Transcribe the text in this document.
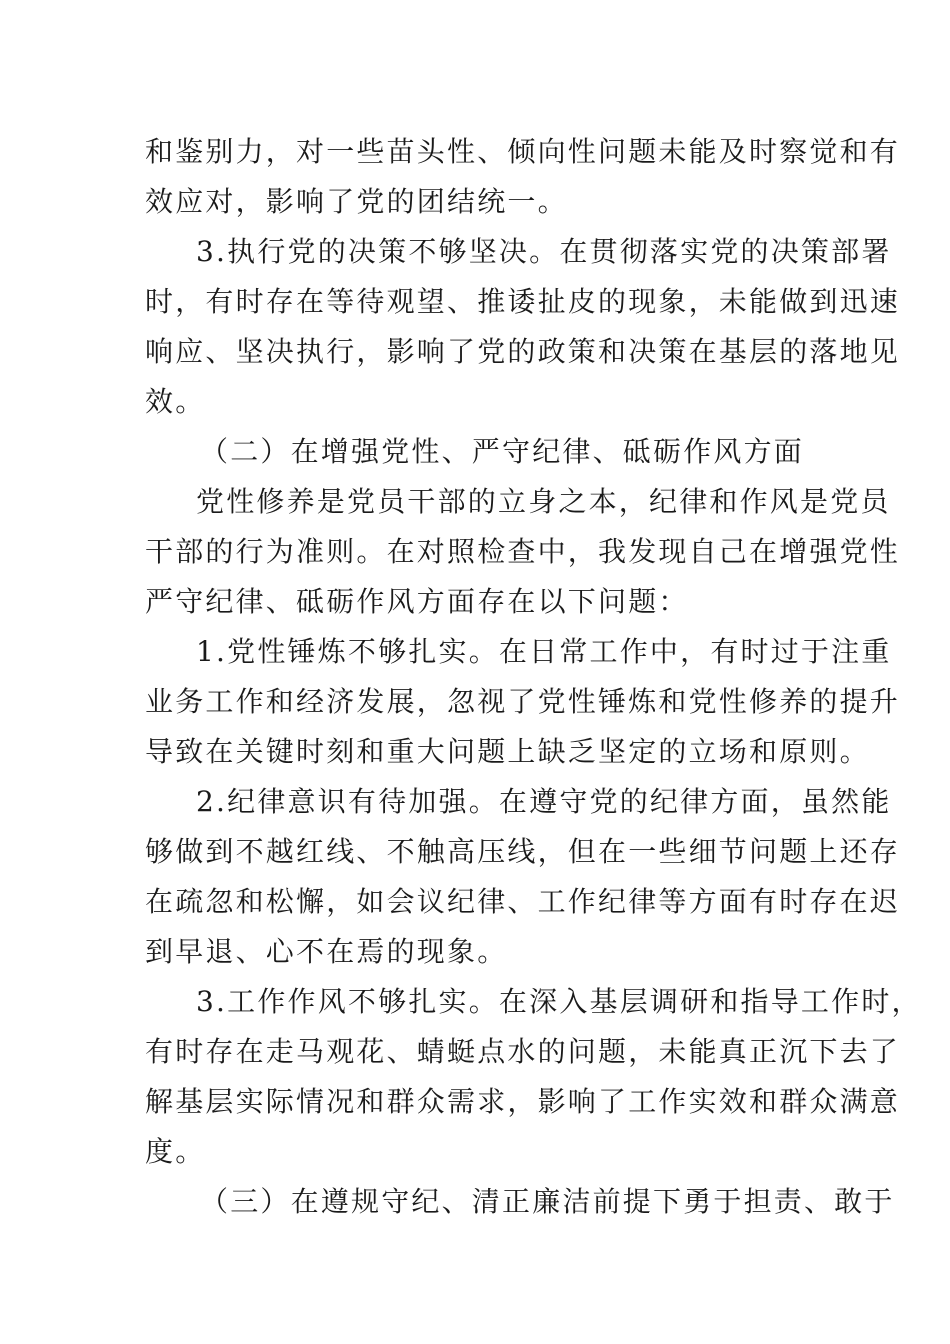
和鉴别力，对一些苗头性、倾向性问题未能及时察觉和有
效应对，影响了党的团结统一。
3.执行党的决策不够坚决。在贯彻落实党的决策部署
时，有时存在等待观望、推诿扯皮的现象，未能做到迅速
响应、坚决执行，影响了党的政策和决策在基层的落地见
效。
（二）在增强党性、严守纪律、砥砺作风方面
党性修养是党员干部的立身之本，纪律和作风是党员
干部的行为准则。在对照检查中，我发现自己在增强党性
严守纪律、砥砺作风方面存在以下问题：
1.党性锤炼不够扎实。在日常工作中，有时过于注重
业务工作和经济发展，忽视了党性锤炼和党性修养的提升
导致在关键时刻和重大问题上缺乏坚定的立场和原则。
2.纪律意识有待加强。在遵守党的纪律方面，虽然能
够做到不越红线、不触高压线，但在一些细节问题上还存
在疏忽和松懈，如会议纪律、工作纪律等方面有时存在迟
到早退、心不在焉的现象。
3.工作作风不够扎实。在深入基层调研和指导工作时，
有时存在走马观花、蜻蜓点水的问题，未能真正沉下去了
解基层实际情况和群众需求，影响了工作实效和群众满意
度。
（三）在遵规守纪、清正廉洁前提下勇于担责、敢于
